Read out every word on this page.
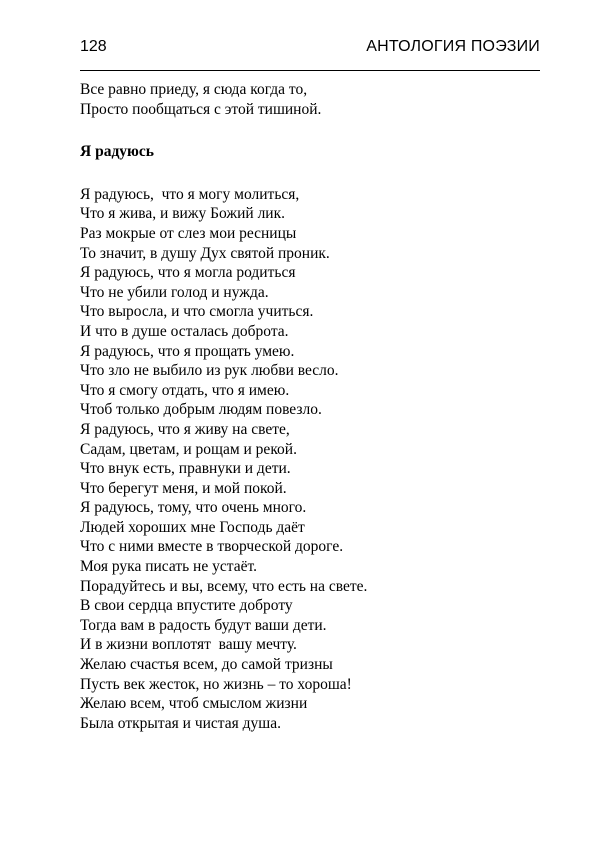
128	АНТОЛОГИЯ ПОЭЗИИ
Все равно приеду, я сюда когда то,
Просто пообщаться с этой тишиной.
Я радуюсь
Я радуюсь,  что я могу молиться,
Что я жива, и вижу Божий лик.
Раз мокрые от слез мои ресницы
То значит, в душу Дух святой проник.
Я радуюсь, что я могла родиться
Что не убили голод и нужда.
Что выросла, и что смогла учиться.
И что в душе осталась доброта.
Я радуюсь, что я прощать умею.
Что зло не выбило из рук любви весло.
Что я смогу отдать, что я имею.
Чтоб только добрым людям повезло.
Я радуюсь, что я живу на свете,
Садам, цветам, и рощам и рекой.
Что внук есть, правнуки и дети.
Что берегут меня, и мой покой.
Я радуюсь, тому, что очень много.
Людей хороших мне Господь даёт
Что с ними вместе в творческой дороге.
Моя рука писать не устаёт.
Порадуйтесь и вы, всему, что есть на свете.
В свои сердца впустите доброту
Тогда вам в радость будут ваши дети.
И в жизни воплотят  вашу мечту.
Желаю счастья всем, до самой тризны
Пусть век жесток, но жизнь – то хороша!
Желаю всем, чтоб смыслом жизни
Была открытая и чистая душа.
